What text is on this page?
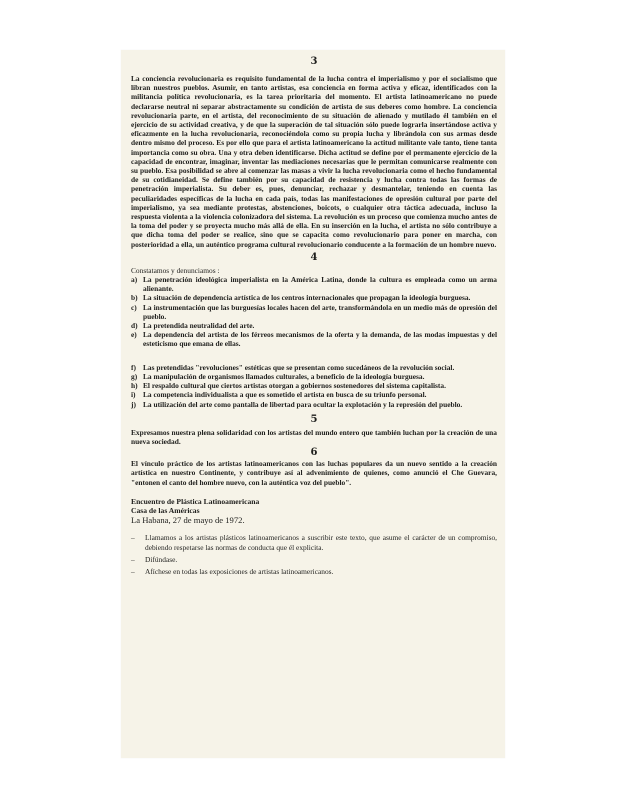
3

La conciencia revolucionaria es requisito fundamental de la lucha contra el imperialismo y por el socialismo que libran nuestros pueblos. Asumir, en tanto artistas, esa conciencia en forma activa y eficaz, identificados con la militancia política revolucionaria, es la tarea prioritaria del momento. El artista latinoamericano no puede declararse neutral ni separar abstractamente su condición de artista de sus deberes como hombre. La conciencia revolucionaria parte, en el artista, del reconocimiento de su situación de alienado y mutilado él también en el ejercicio de su actividad creativa, y de que la superación de tal situación sólo puede lograrla insertándose activa y eficazmente en la lucha revolucionaria, reconociéndola como su propia lucha y librándola con sus armas desde dentro mismo del proceso. Es por ello que para el artista latinoamericano la actitud militante vale tanto, tiene tanta importancia como su obra. Una y otra deben identificarse. Dicha actitud se define por el permanente ejercicio de la capacidad de encontrar, imaginar, inventar las mediaciones necesarias que le permitan comunicarse realmente con su pueblo. Esa posibilidad se abre al comenzar las masas a vivir la lucha revolucionaria como el hecho fundamental de su cotidianeidad. Se define también por su capacidad de resistencia y lucha contra todas las formas de penetración imperialista. Su deber es, pues, denunciar, rechazar y desmantelar, teniendo en cuenta las peculiaridades específicas de la lucha en cada país, todas las manifestaciones de opresión cultural por parte del imperialismo, ya sea mediante protestas, abstenciones, boicots, o cualquier otra táctica adecuada, incluso la respuesta violenta a la violencia colonizadora del sistema. La revolución es un proceso que comienza mucho antes de la toma del poder y se proyecta mucho más allá de ella. En su inserción en la lucha, el artista no sólo contribuye a que dicha toma del poder se realice, sino que se capacita como revolucionario para poner en marcha, con posterioridad a ella, un auténtico programa cultural revolucionario conducente a la formación de un hombre nuevo.

4

Constatamos y denunciamos :

a) La penetración ideológica imperialista en la América Latina, donde la cultura es empleada como un arma alienante.
b) La situación de dependencia artística de los centros internacionales que propagan la ideología burguesa.
c) La instrumentación que las burguesías locales hacen del arte, transformándola en un medio más de opresión del pueblo.
d) La pretendida neutralidad del arte.
e) La dependencia del artista de los férreos mecanismos de la oferta y la demanda, de las modas impuestas y del esteticismo que emana de ellas.
f) Las pretendidas "revoluciones" estéticas que se presentan como sucedáneos de la revolución social.
g) La manipulación de organismos llamados culturales, a beneficio de la ideología burguesa.
h) El respaldo cultural que ciertos artistas otorgan a gobiernos sostenedores del sistema capitalista.
i) La competencia individualista a que es sometido el artista en busca de su triunfo personal.
j) La utilización del arte como pantalla de libertad para ocultar la explotación y la represión del pueblo.
5

Expresamos nuestra plena solidaridad con los artistas del mundo entero que también luchan por la creación de una nueva sociedad.

6

El vínculo práctico de los artistas latinoamericanos con las luchas populares da un nuevo sentido a la creación artística en nuestro Continente, y contribuye así al advenimiento de quienes, como anunció el Che Guevara, "entonen el canto del hombre nuevo, con la auténtica voz del pueblo".

Encuentro de Plástica Latinoamericana

Casa de las Américas

La Habana, 27 de mayo de 1972.

– Llamamos a los artistas plásticos latinoamericanos a suscribir este texto, que asume el carácter de un compromiso, debiendo respetarse las normas de conducta que él explicita.

– Difúndase.

– Afíchese en todas las exposiciones de artistas latinoamericanos.
